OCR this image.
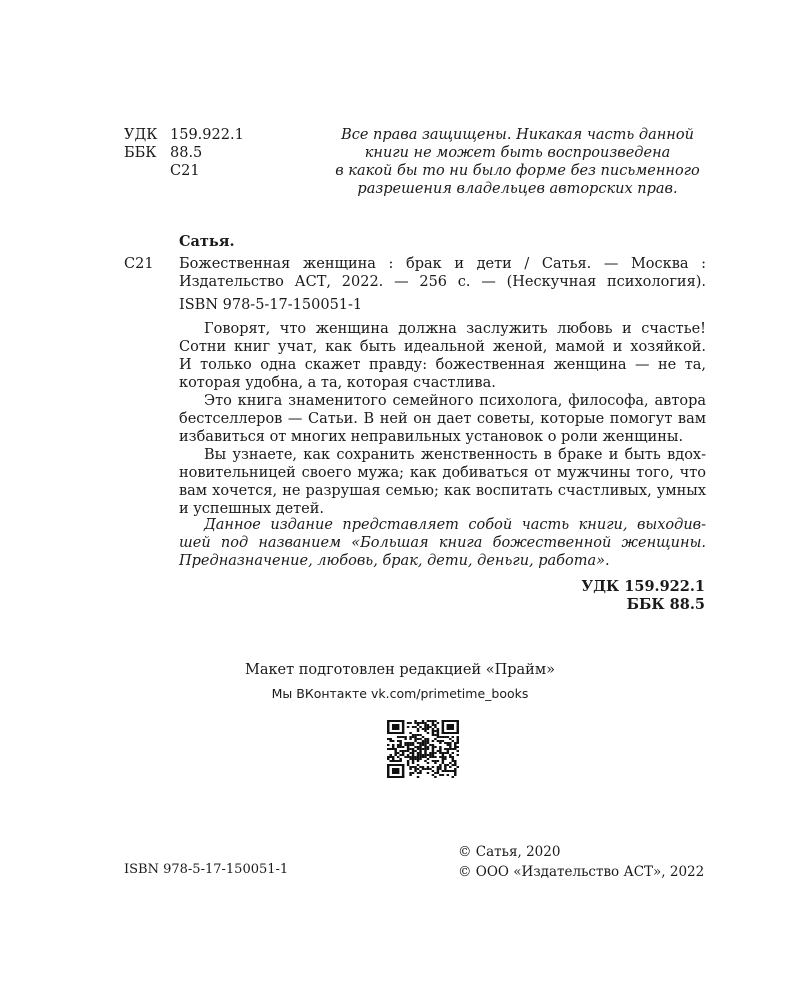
УДК 159.922.1
ББК 88.5
С21
Все права защищены. Никакая часть данной
книги не может быть воспроизведена
в какой бы то ни было форме без письменного
разрешения владельцев авторских прав.
Сатья.
С21 Божественная женщина : брак и дети / Сатья. — Москва :
Издательство АСТ, 2022. — 256 с. — (Нескучная психология).
ISBN 978-5-17-150051-1
Говорят, что женщина должна заслужить любовь и счастье!
Сотни книг учат, как быть идеальной женой, мамой и хозяйкой.
И только одна скажет правду: божественная женщина — не та,
которая удобна, а та, которая счастлива.
Это книга знаменитого семейного психолога, философа, автора
бестселлеров — Сатьи. В ней он дает советы, которые помогут вам
избавиться от многих неправильных установок о роли женщины.
Вы узнаете, как сохранить женственность в браке и быть вдох-
новительницей своего мужа; как добиваться от мужчины того, что
вам хочется, не разрушая семью; как воспитать счастливых, умных
и успешных детей.
Данное издание представляет собой часть книги, выходив-
шей под названием «Большая книга божественной женщины.
Предназначение, любовь, брак, дети, деньги, работа».
УДК 159.922.1
ББК 88.5
Макет подготовлен редакцией «Прайм»
Мы ВКонтакте vk.com/primetime_books
ISBN 978-5-17-150051-1
© Сатья, 2020
© ООО «Издательство АСТ», 2022
